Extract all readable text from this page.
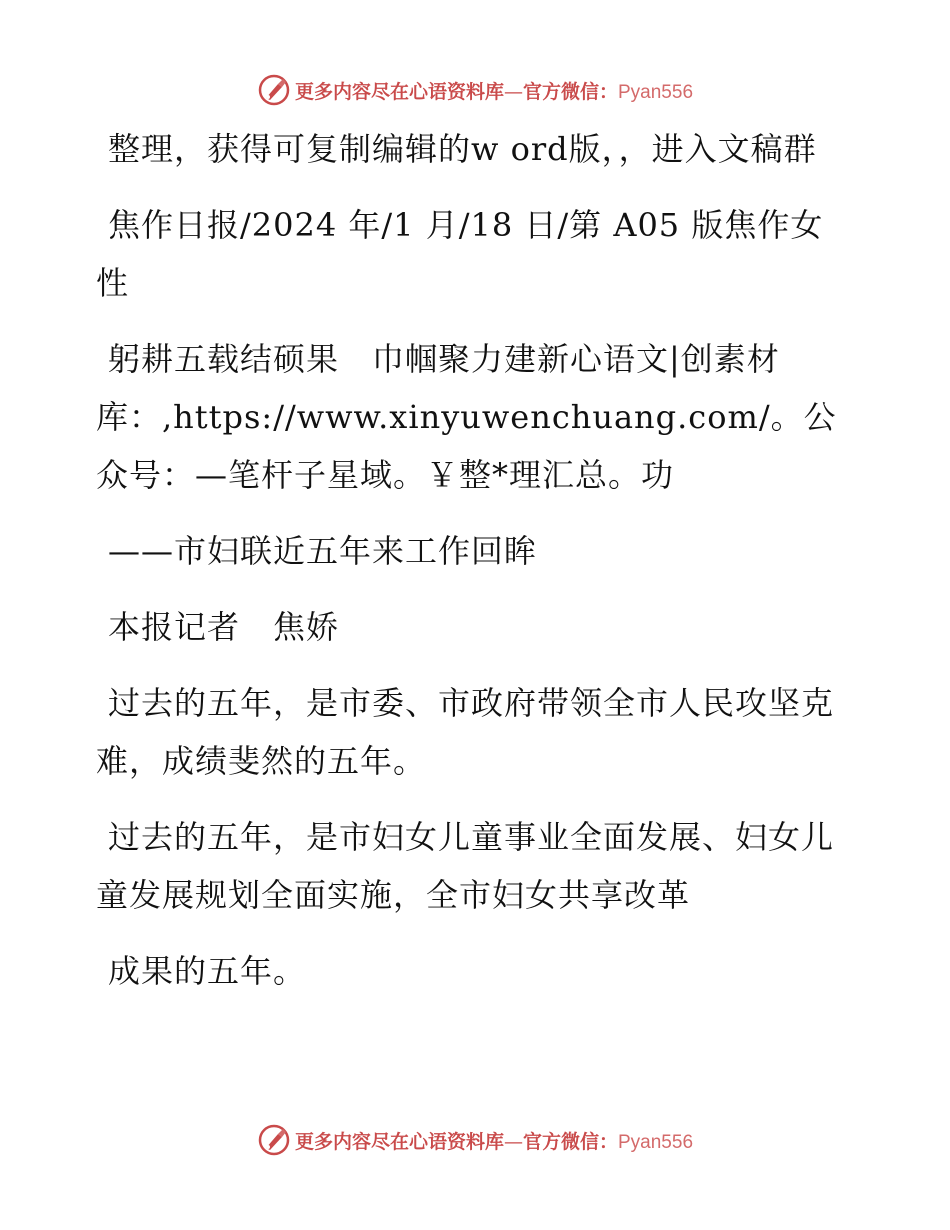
更多内容尽在心语资料库—官方微信：Pyan556

整理，获得可复制编辑的w ord版，，进入文稿群

焦作日报/2024 年/1 月/18 日/第 A05 版焦作女性

躬耕五载结硕果　巾帼聚力建新心语文|创素材库：,https://www.xinyuwenchuang.com/。公众号：—笔杆子星域。￥整*理汇总。功

——市妇联近五年来工作回眸

本报记者　焦娇

过去的五年，是市委、市政府带领全市人民攻坚克难，成绩斐然的五年。

过去的五年，是市妇女儿童事业全面发展、妇女儿童发展规划全面实施，全市妇女共享改革

成果的五年。

更多内容尽在心语资料库—官方微信：Pyan556
